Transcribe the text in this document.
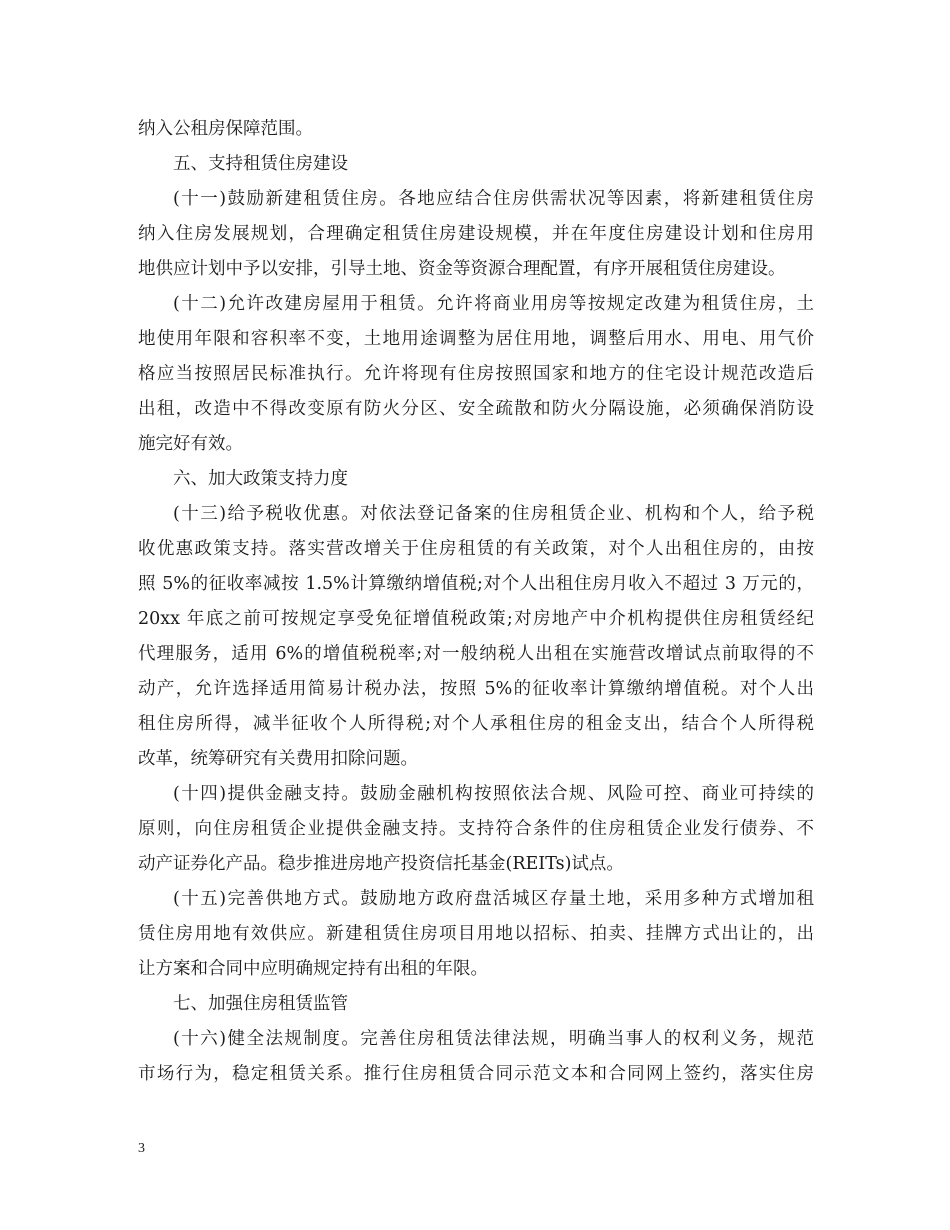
纳入公租房保障范围。
五、支持租赁住房建设
(十一)鼓励新建租赁住房。各地应结合住房供需状况等因素，将新建租赁住房
纳入住房发展规划，合理确定租赁住房建设规模，并在年度住房建设计划和住房用
地供应计划中予以安排，引导土地、资金等资源合理配置，有序开展租赁住房建设。
(十二)允许改建房屋用于租赁。允许将商业用房等按规定改建为租赁住房，土
地使用年限和容积率不变，土地用途调整为居住用地，调整后用水、用电、用气价
格应当按照居民标准执行。允许将现有住房按照国家和地方的住宅设计规范改造后
出租，改造中不得改变原有防火分区、安全疏散和防火分隔设施，必须确保消防设
施完好有效。
六、加大政策支持力度
(十三)给予税收优惠。对依法登记备案的住房租赁企业、机构和个人，给予税
收优惠政策支持。落实营改增关于住房租赁的有关政策，对个人出租住房的，由按
照 5%的征收率减按 1.5%计算缴纳增值税;对个人出租住房月收入不超过 3 万元的，
20xx 年底之前可按规定享受免征增值税政策;对房地产中介机构提供住房租赁经纪
代理服务，适用 6%的增值税税率;对一般纳税人出租在实施营改增试点前取得的不
动产，允许选择适用简易计税办法，按照 5%的征收率计算缴纳增值税。对个人出
租住房所得，减半征收个人所得税;对个人承租住房的租金支出，结合个人所得税
改革，统筹研究有关费用扣除问题。
(十四)提供金融支持。鼓励金融机构按照依法合规、风险可控、商业可持续的
原则，向住房租赁企业提供金融支持。支持符合条件的住房租赁企业发行债券、不
动产证券化产品。稳步推进房地产投资信托基金(REITs)试点。
(十五)完善供地方式。鼓励地方政府盘活城区存量土地，采用多种方式增加租
赁住房用地有效供应。新建租赁住房项目用地以招标、拍卖、挂牌方式出让的，出
让方案和合同中应明确规定持有出租的年限。
七、加强住房租赁监管
(十六)健全法规制度。完善住房租赁法律法规，明确当事人的权利义务，规范
市场行为，稳定租赁关系。推行住房租赁合同示范文本和合同网上签约，落实住房
3
